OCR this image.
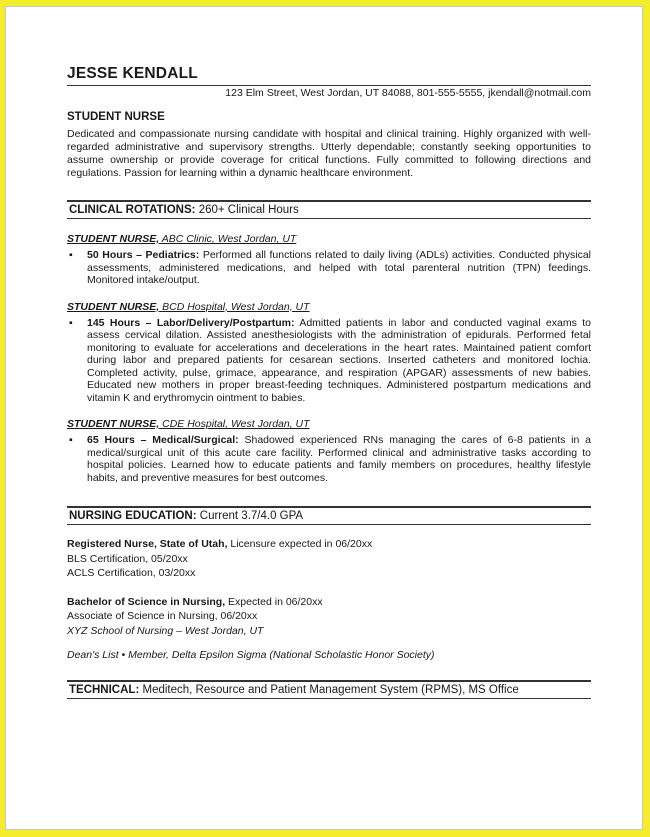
JESSE KENDALL
123 Elm Street, West Jordan, UT 84088, 801-555-5555, jkendall@notmail.com
STUDENT NURSE
Dedicated and compassionate nursing candidate with hospital and clinical training. Highly organized with well-regarded administrative and supervisory strengths. Utterly dependable; constantly seeking opportunities to assume ownership or provide coverage for critical functions. Fully committed to following directions and regulations. Passion for learning within a dynamic healthcare environment.
CLINICAL ROTATIONS: 260+ Clinical Hours
STUDENT NURSE, ABC Clinic, West Jordan, UT
▪	50 Hours – Pediatrics: Performed all functions related to daily living (ADLs) activities. Conducted physical assessments, administered medications, and helped with total parenteral nutrition (TPN) feedings. Monitored intake/output.
STUDENT NURSE, BCD Hospital, West Jordan, UT
▪	145 Hours – Labor/Delivery/Postpartum: Admitted patients in labor and conducted vaginal exams to assess cervical dilation. Assisted anesthesiologists with the administration of epidurals. Performed fetal monitoring to evaluate for accelerations and decelerations in the heart rates. Maintained patient comfort during labor and prepared patients for cesarean sections. Inserted catheters and monitored lochia. Completed activity, pulse, grimace, appearance, and respiration (APGAR) assessments of new babies. Educated new mothers in proper breast-feeding techniques. Administered postpartum medications and vitamin K and erythromycin ointment to babies.
STUDENT NURSE, CDE Hospital, West Jordan, UT
▪	65 Hours – Medical/Surgical: Shadowed experienced RNs managing the cares of 6-8 patients in a medical/surgical unit of this acute care facility. Performed clinical and administrative tasks according to hospital policies. Learned how to educate patients and family members on procedures, healthy lifestyle habits, and preventive measures for best outcomes.
NURSING EDUCATION: Current 3.7/4.0 GPA
Registered Nurse, State of Utah, Licensure expected in 06/20xx
BLS Certification, 05/20xx
ACLS Certification, 03/20xx
Bachelor of Science in Nursing, Expected in 06/20xx
Associate of Science in Nursing, 06/20xx
XYZ School of Nursing – West Jordan, UT
Dean's List • Member, Delta Epsilon Sigma (National Scholastic Honor Society)
TECHNICAL: Meditech, Resource and Patient Management System (RPMS), MS Office
